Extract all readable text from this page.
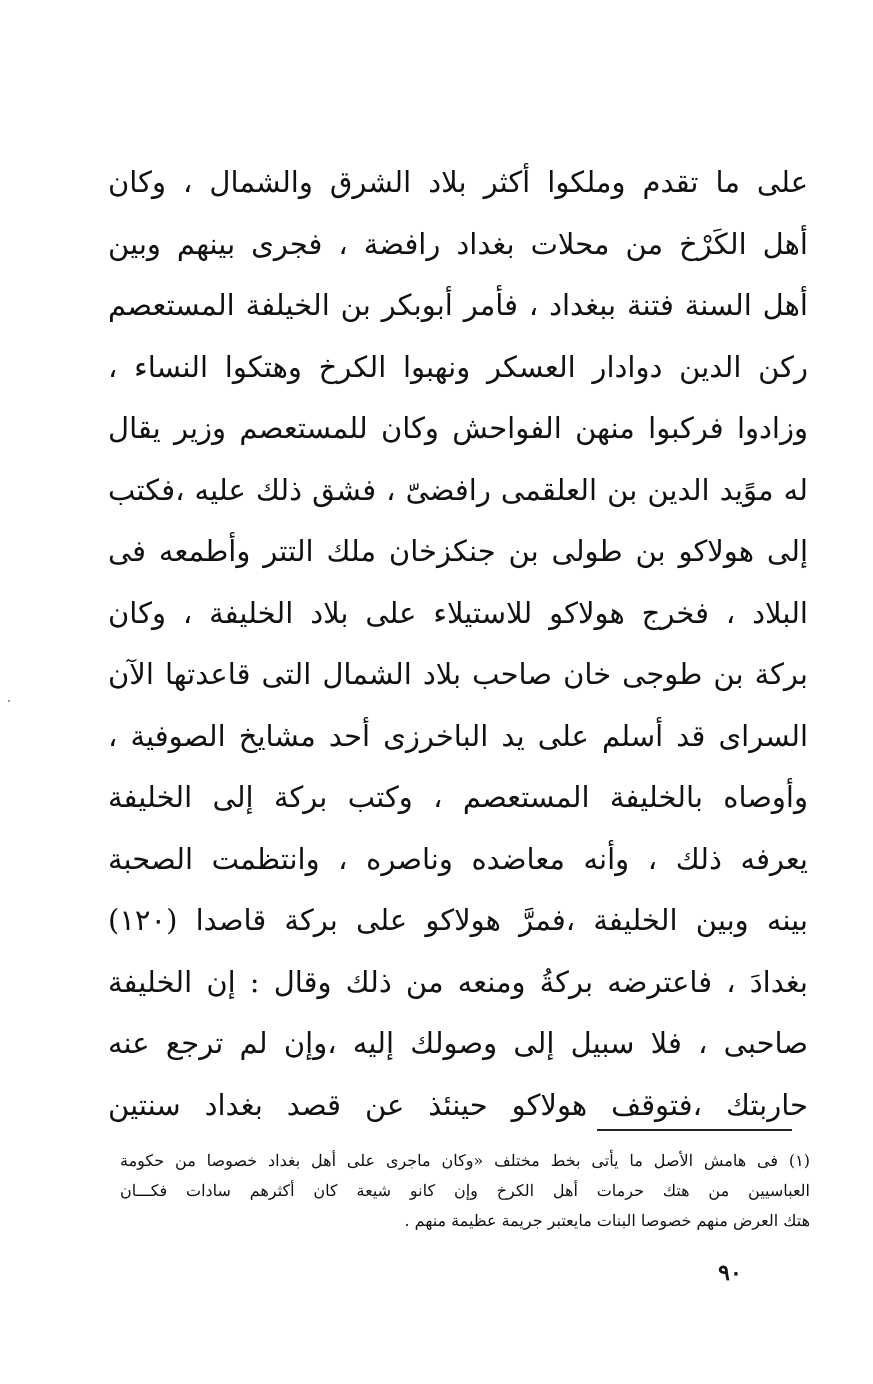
على ما تقدم وملكوا أكثر بلاد الشرق والشمال ، وكان
أهل الكَرْخ من محلات بغداد رافضة ، فجرى بينهم وبين
أهل السنة فتنة ببغداد ، فأمر أبوبكر بن الخيلفة المستعصم
ركن الدين دوادار العسكر ونهبوا الكرخ وهتكوا النساء ،
وزادوا فركبوا منهن الفواحش وكان للمستعصم وزير يقال
له موًيد الدين بن العلقمى رافضىّ ، فشق ذلك عليه ،فكتب
إلى هولاكو بن طولى بن جنكزخان ملك التتر وأطمعه فى
البلاد ، فخرج هولاكو للاستيلاء على بلاد الخليفة ، وكان
بركة بن طوجى خان صاحب بلاد الشمال التى قاعدتها الآن
السراى قد أسلم على يد الباخرزى أحد مشايخ الصوفية ،
وأوصاه بالخليفة المستعصم ، وكتب بركة إلى الخليفة
يعرفه ذلك ، وأنه معاضده وناصره ، وانتظمت الصحبة
بينه وبين الخليفة ،فمرَّ هولاكو على بركة قاصدا (١٢٠)
بغدادَ ، فاعترضه بركةُ ومنعه من ذلك وقال : إن الخليفة
صاحبى ، فلا سبيل إلى وصولك إليه ،وإن لم ترجع عنه
حاربتك ،فتوقف هولاكو حينئذ عن قصد بغداد سنتين
(١) فى هامش الأصل ما يأتى بخط مختلف «وكان ماجرى على أهل بغداد خصوصا من حكومة
العباسيين من هتك حرمات أهل الكرخ وإن كانو شيعة كان أكثرهم سادات فكـــان
هتك العرض منهم خصوصا البنات مايعتبر جريمة عظيمة منهم .
٩٠
